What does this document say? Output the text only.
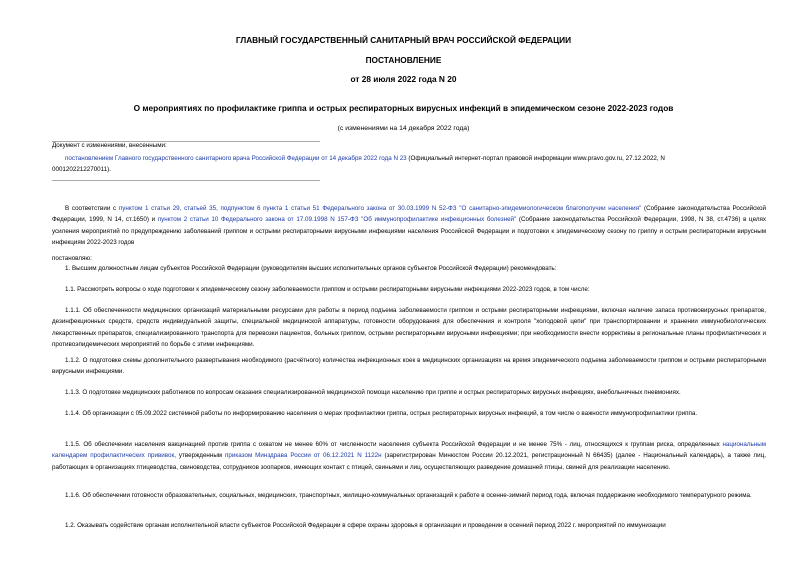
ГЛАВНЫЙ ГОСУДАРСТВЕННЫЙ САНИТАРНЫЙ ВРАЧ РОССИЙСКОЙ ФЕДЕРАЦИИ
ПОСТАНОВЛЕНИЕ
от 28 июля 2022 года N 20
О мероприятиях по профилактике гриппа и острых респираторных вирусных инфекций в эпидемическом сезоне 2022-2023 годов
(с изменениями на 14 декабря 2022 года)
Документ с изменениями, внесенными:
постановлением Главного государственного санитарного врача Российской Федерации от 14 декабря 2022 года N 23 (Официальный интернет-портал правовой информации www.pravo.gov.ru, 27.12.2022, N
0001202212270011).
В соответствии с пунктом 1 статьи 29, статьей 35, подпунктом 6 пункта 1 статьи 51 Федерального закона от 30.03.1999 N 52-ФЗ "О санитарно-эпидемиологическом благополучии населения" (Собрание законодательства Российской Федерации, 1999, N 14, ст.1650) и пунктом 2 статьи 10 Федерального закона от 17.09.1998 N 157-ФЗ "Об иммунопрофилактике инфекционных болезней" (Собрание законодательства Российской Федерации, 1998, N 38, ст.4736) в целях усиления мероприятий по предупреждению заболеваний гриппом и острыми респираторными вирусными инфекциями населения Российской Федерации и подготовки к эпидемическому сезону по гриппу и острым респираторным вирусным инфекциям 2022-2023 годов
постановляю:
1. Высшим должностным лицам субъектов Российской Федерации (руководителям высших исполнительных органов субъектов Российской Федерации) рекомендовать:
1.1. Рассмотреть вопросы о ходе подготовки к эпидемическому сезону заболеваемости гриппом и острыми респираторными вирусными инфекциями 2022-2023 годов, в том числе:
1.1.1. Об обеспеченности медицинских организаций материальными ресурсами для работы в период подъема заболеваемости гриппом и острыми респираторными инфекциями, включая наличие запаса противовирусных препаратов, дезинфекционных средств, средств индивидуальной защиты, специальной медицинской аппаратуры, готовности оборудования для обеспечения и контроля "холодовой цепи" при транспортировании и хранении иммунобиологических лекарственных препаратов, специализированного транспорта для перевозки пациентов, больных гриппом, острыми респираторными вирусными инфекциями; при необходимости внести коррективы в региональные планы профилактических и противоэпидемических мероприятий по борьбе с этими инфекциями.
1.1.2. О подготовке схемы дополнительного развертывания необходимого (расчётного) количества инфекционных коек в медицинских организациях на время эпидемического подъема заболеваемости гриппом и острыми респираторными вирусными инфекциями.
1.1.3. О подготовке медицинских работников по вопросам оказания специализированной медицинской помощи населению при гриппе и острых респираторных вирусных инфекциях, внебольничных пневмониях.
1.1.4. Об организации с 05.09.2022 системной работы по информированию населения о мерах профилактики гриппа, острых респираторных вирусных инфекций, в том числе о важности иммунопрофилактики гриппа.
1.1.5. Об обеспечении населения вакцинацией против гриппа с охватом не менее 60% от численности населения субъекта Российской Федерации и не менее 75% - лиц, относящихся к группам риска, определенных национальным календарем профилактических прививок, утвержденным приказом Минздрава России от 06.12.2021 N 1122н (зарегистрирован Минюстом России 20.12.2021, регистрационный N 66435) (далее - Национальный календарь), а также лиц, работающих в организациях птицеводства, свиноводства, сотрудников зоопарков, имеющих контакт с птицей, свиньями и лиц, осуществляющих разведение домашней птицы, свиней для реализации населению.
1.1.6. Об обеспечении готовности образовательных, социальных, медицинских, транспортных, жилищно-коммунальных организаций к работе в осенне-зимний период года, включая поддержание необходимого температурного режима.
1.2. Оказывать содействие органам исполнительной власти субъектов Российской Федерации в сфере охраны здоровья в организации и проведении в осенний период 2022 г. мероприятий по иммунизации
